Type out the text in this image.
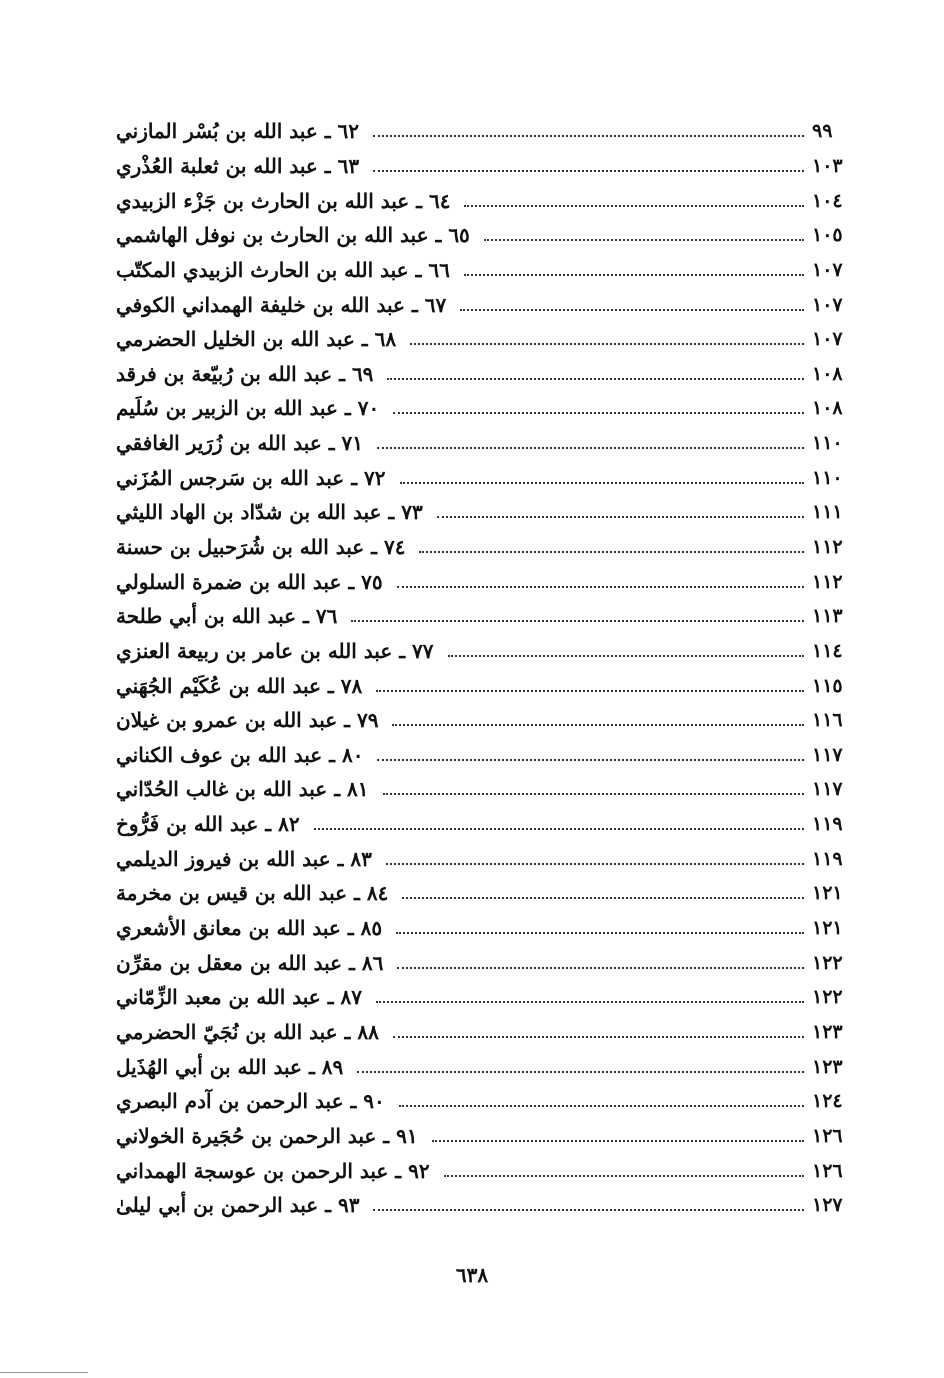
٦٢ ـ عبد الله بن بُسْر المازني	٩٩
٦٣ ـ عبد الله بن ثعلبة العُذْري	١٠٣
٦٤ ـ عبد الله بن الحارث بن جَزْء الزبيدي	١٠٤
٦٥ ـ عبد الله بن الحارث بن نوفل الهاشمي	١٠٥
٦٦ ـ عبد الله بن الحارث الزبيدي المكتّب	١٠٧
٦٧ ـ عبد الله بن خليفة الهمداني الكوفي	١٠٧
٦٨ ـ عبد الله بن الخليل الحضرمي	١٠٧
٦٩ ـ عبد الله بن رُبيّعة بن فرقد	١٠٨
٧٠ ـ عبد الله بن الزبير بن سُلَيم	١٠٨
٧١ ـ عبد الله بن زُرَير الغافقي	١١٠
٧٢ ـ عبد الله بن سَرجس المُزَني	١١٠
٧٣ ـ عبد الله بن شدّاد بن الهاد الليثي	١١١
٧٤ ـ عبد الله بن شُرَحبيل بن حسنة	١١٢
٧٥ ـ عبد الله بن ضمرة السلولي	١١٢
٧٦ ـ عبد الله بن أبي طلحة	١١٣
٧٧ ـ عبد الله بن عامر بن ربيعة العنزي	١١٤
٧٨ ـ عبد الله بن عُكَيْم الجُهَني	١١٥
٧٩ ـ عبد الله بن عمرو بن غيلان	١١٦
٨٠ ـ عبد الله بن عوف الكناني	١١٧
٨١ ـ عبد الله بن غالب الحُدّاني	١١٧
٨٢ ـ عبد الله بن فَرُّوخ	١١٩
٨٣ ـ عبد الله بن فيروز الديلمي	١١٩
٨٤ ـ عبد الله بن قيس بن مخرمة	١٢١
٨٥ ـ عبد الله بن معانق الأشعري	١٢١
٨٦ ـ عبد الله بن معقل بن مقرِّن	١٢٢
٨٧ ـ عبد الله بن معبد الزِّمّاني	١٢٢
٨٨ ـ عبد الله بن نُجَيّ الحضرمي	١٢٣
٨٩ ـ عبد الله بن أبي الهُذَيل	١٢٣
٩٠ ـ عبد الرحمن بن آدم البصري	١٢٤
٩١ ـ عبد الرحمن بن حُجَيرة الخولاني	١٢٦
٩٢ ـ عبد الرحمن بن عوسجة الهمداني	١٢٦
٩٣ ـ عبد الرحمن بن أبي ليلىٰ	١٢٧
٦٣٨
